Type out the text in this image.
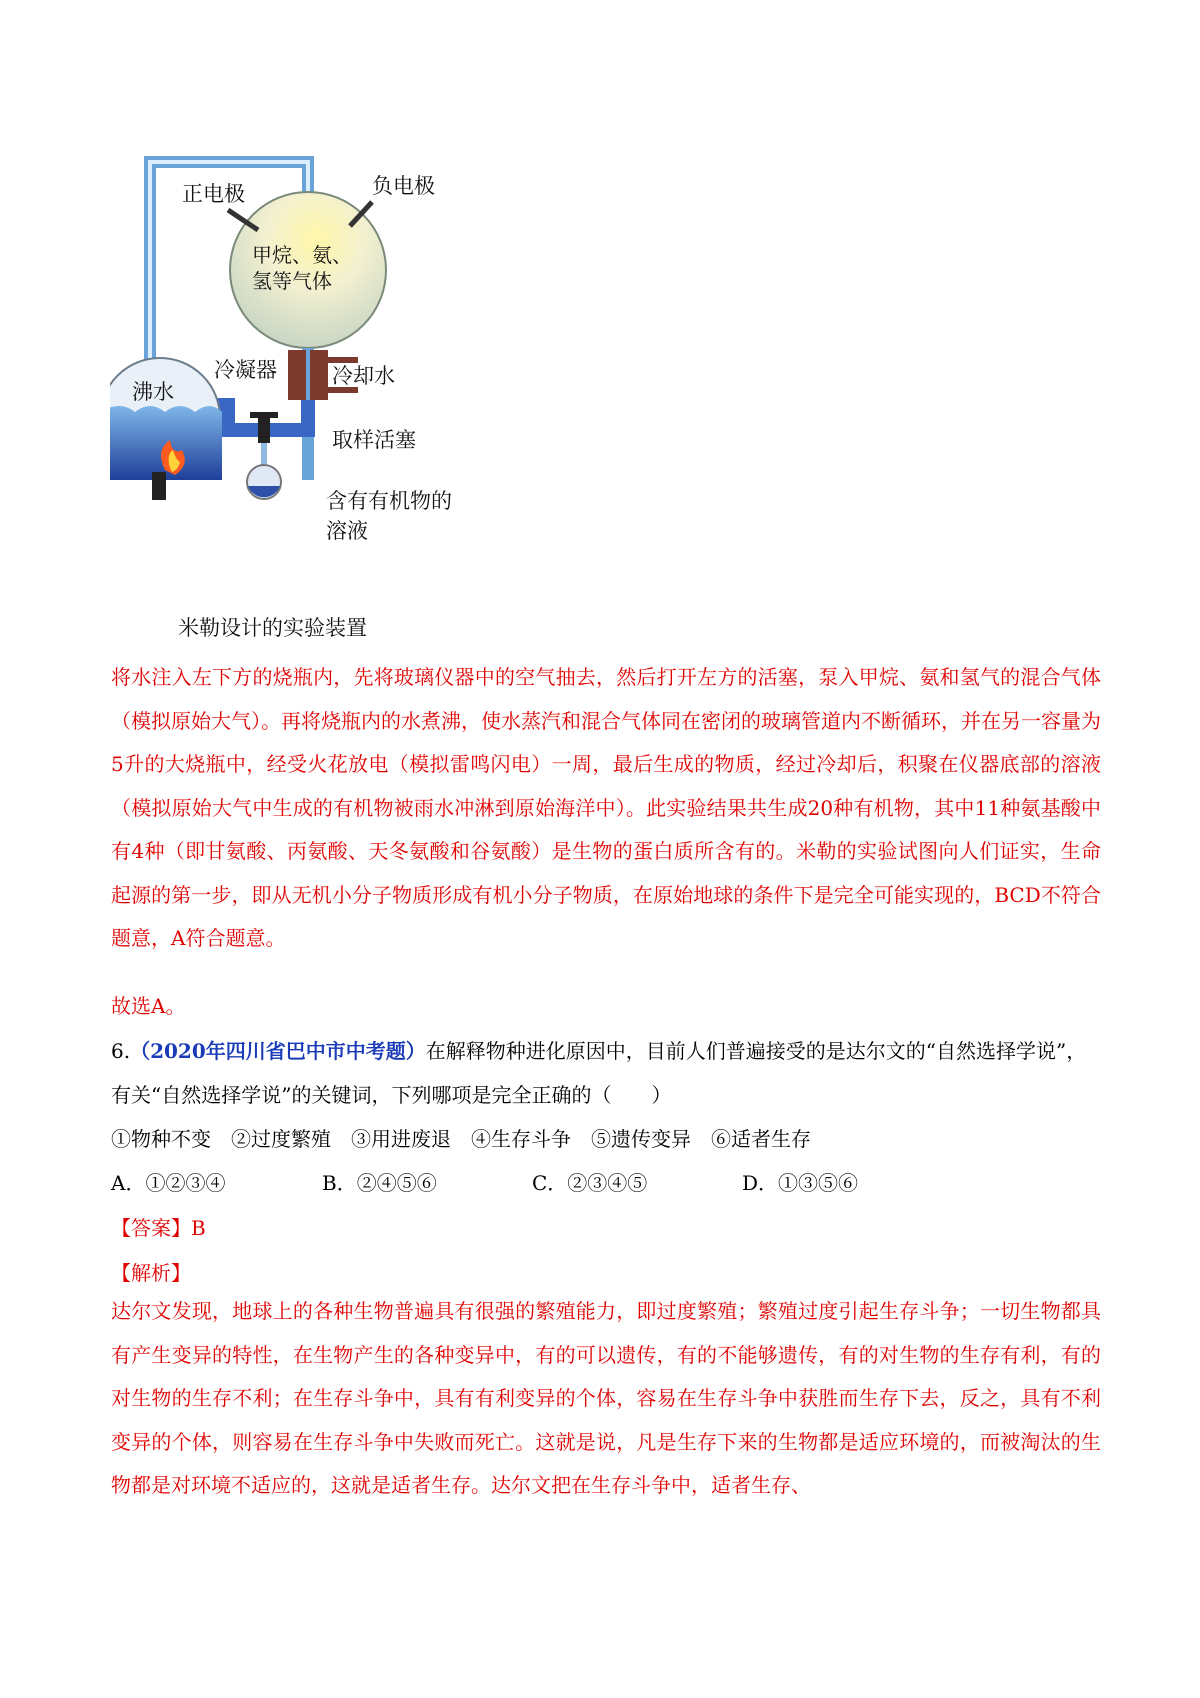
正电极	负电极
甲烷、氨、
氢等气体
沸水
冷凝器	冷却水
取样活塞
含有有机物的
溶液
米勒设计的实验装置
将水注入左下方的烧瓶内，先将玻璃仪器中的空气抽去，然后打开左方的活塞，泵入甲烷、氨和氢气的混合气体（模拟原始大气）。再将烧瓶内的水煮沸，使水蒸汽和混合气体同在密闭的玻璃管道内不断循环，并在另一容量为5升的大烧瓶中，经受火花放电（模拟雷鸣闪电）一周，最后生成的物质，经过冷却后，积聚在仪器底部的溶液（模拟原始大气中生成的有机物被雨水冲淋到原始海洋中）。此实验结果共生成20种有机物，其中11种氨基酸中有4种（即甘氨酸、丙氨酸、天冬氨酸和谷氨酸）是生物的蛋白质所含有的。米勒的实验试图向人们证实，生命起源的第一步，即从无机小分子物质形成有机小分子物质，在原始地球的条件下是完全可能实现的，BCD不符合题意，A符合题意。
故选A。
6.（2020年四川省巴中市中考题）在解释物种进化原因中，目前人们普遍接受的是达尔文的“自然选择学说”，
有关“自然选择学说”的关键词，下列哪项是完全正确的（　　）
①物种不变　②过度繁殖　③用进废退　④生存斗争　⑤遗传变异　⑥适者生存
A．①②③④	B．②④⑤⑥	C．②③④⑤	D．①③⑤⑥
【答案】B
【解析】
达尔文发现，地球上的各种生物普遍具有很强的繁殖能力，即过度繁殖；繁殖过度引起生存斗争；一切生物都具有产生变异的特性，在生物产生的各种变异中，有的可以遗传，有的不能够遗传，有的对生物的生存有利，有的对生物的生存不利；在生存斗争中，具有有利变异的个体，容易在生存斗争中获胜而生存下去，反之，具有不利变异的个体，则容易在生存斗争中失败而死亡。这就是说，凡是生存下来的生物都是适应环境的，而被淘汰的生物都是对环境不适应的，这就是适者生存。达尔文把在生存斗争中，适者生存、
